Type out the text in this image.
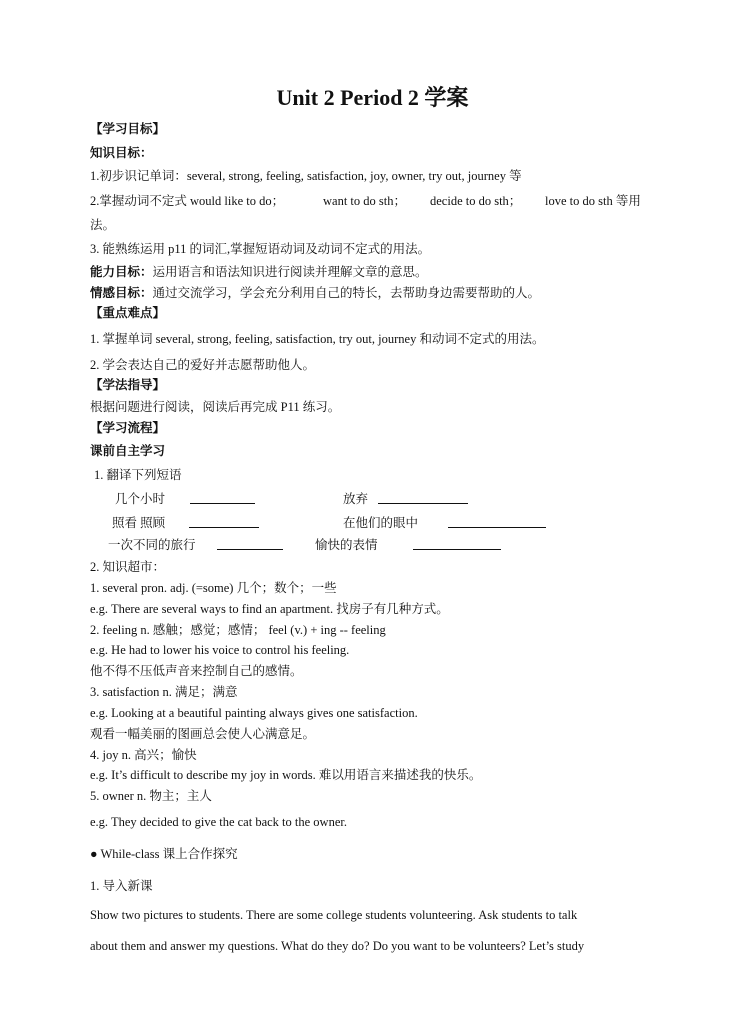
Unit 2 Period 2 学案
【学习目标】
知识目标：
1.初步识记单词：several, strong, feeling, satisfaction, joy, owner, try out, journey 等
2.掌握动词不定式 would like to do；	want to do sth； decide to do sth； love to do sth 等用
法。
3. 能熟练运用 p11 的词汇,掌握短语动词及动词不定式的用法。
能力目标：运用语言和语法知识进行阅读并理解文章的意思。
情感目标：通过交流学习，学会充分利用自己的特长，去帮助身边需要帮助的人。
【重点难点】
1. 掌握单词 several, strong, feeling, satisfaction, try out, journey 和动词不定式的用法。
2. 学会表达自己的爱好并志愿帮助他人。
【学法指导】
根据问题进行阅读，阅读后再完成 P11 练习。
【学习流程】
课前自主学习
1. 翻译下列短语
几个小时	放弃
照看 照顾	在他们的眼中
一次不同的旅行	愉快的表情
2. 知识超市：
1. several pron. adj. (=some) 几个；数个；一些
e.g. There are several ways to find an apartment. 找房子有几种方式。
2. feeling n. 感触；感觉；感情； feel (v.) + ing -- feeling
e.g. He had to lower his voice to control his feeling.
他不得不压低声音来控制自己的感情。
3. satisfaction n. 满足；满意
e.g. Looking at a beautiful painting always gives one satisfaction.
观看一幅美丽的图画总会使人心满意足。
4. joy n. 高兴；愉快
e.g. It’s difficult to describe my joy in words. 难以用语言来描述我的快乐。
5. owner n. 物主；主人
e.g. They decided to give the cat back to the owner.
● While-class 课上合作探究
1. 导入新课
Show two pictures to students. There are some college students volunteering. Ask students to talk
about them and answer my questions. What do they do? Do you want to be volunteers? Let’s study
